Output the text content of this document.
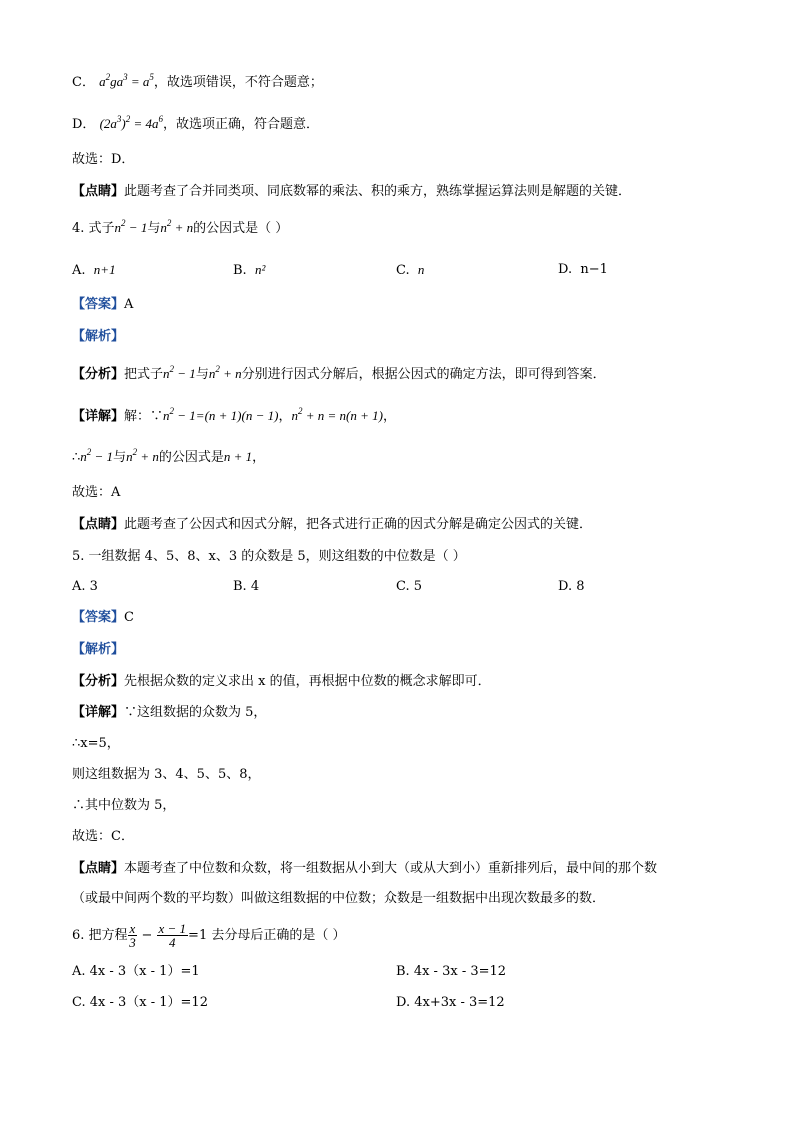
C． $a^2ga^3 = a^5$，故选项错误，不符合题意；
D． $(2a^3)^2 = 4a^6$，故选项正确，符合题意．
故选：D．
【点睛】此题考查了合并同类项、同底数幂的乘法、积的乘方，熟练掌握运算法则是解题的关键．
4. 式子$n^2 - 1$与$n^2 + n$的公因式是（ ）
A. n+1	B. n²	C. n	D. n−1
【答案】A
【解析】
【分析】把式子$n^2 - 1$与$n^2 + n$分别进行因式分解后，根据公因式的确定方法，即可得到答案．
【详解】解：$\because n^2 - 1=(n + 1)(n - 1)$，$n^2 + n = n(n + 1)$，
$\therefore n^2 - 1$与$n^2 + n$的公因式是n + 1，
故选：A
【点睛】此题考查了公因式和因式分解，把各式进行正确的因式分解是确定公因式的关键．
5. 一组数据 4、5、8、x、3 的众数是 5，则这组数的中位数是（ ）
A. 3	B. 4	C. 5	D. 8
【答案】C
【解析】
【分析】先根据众数的定义求出 x 的值，再根据中位数的概念求解即可．
【详解】∵这组数据的众数为 5，
∴x=5，
则这组数据为 3、4、5、5、8，
∴其中位数为 5，
故选：C．
【点睛】本题考查了中位数和众数，将一组数据从小到大（或从大到小）重新排列后，最中间的那个数
（或最中间两个数的平均数）叫做这组数据的中位数；众数是一组数据中出现次数最多的数．
6. 把方程 $\frac{x}{3} - \frac{x - 1}{4} =1$ 去分母后正确的是（ ）
A. 4x - 3（x - 1）=1	B. 4x - 3x - 3=12
C. 4x - 3（x - 1）=12	D. 4x+3x - 3=12
